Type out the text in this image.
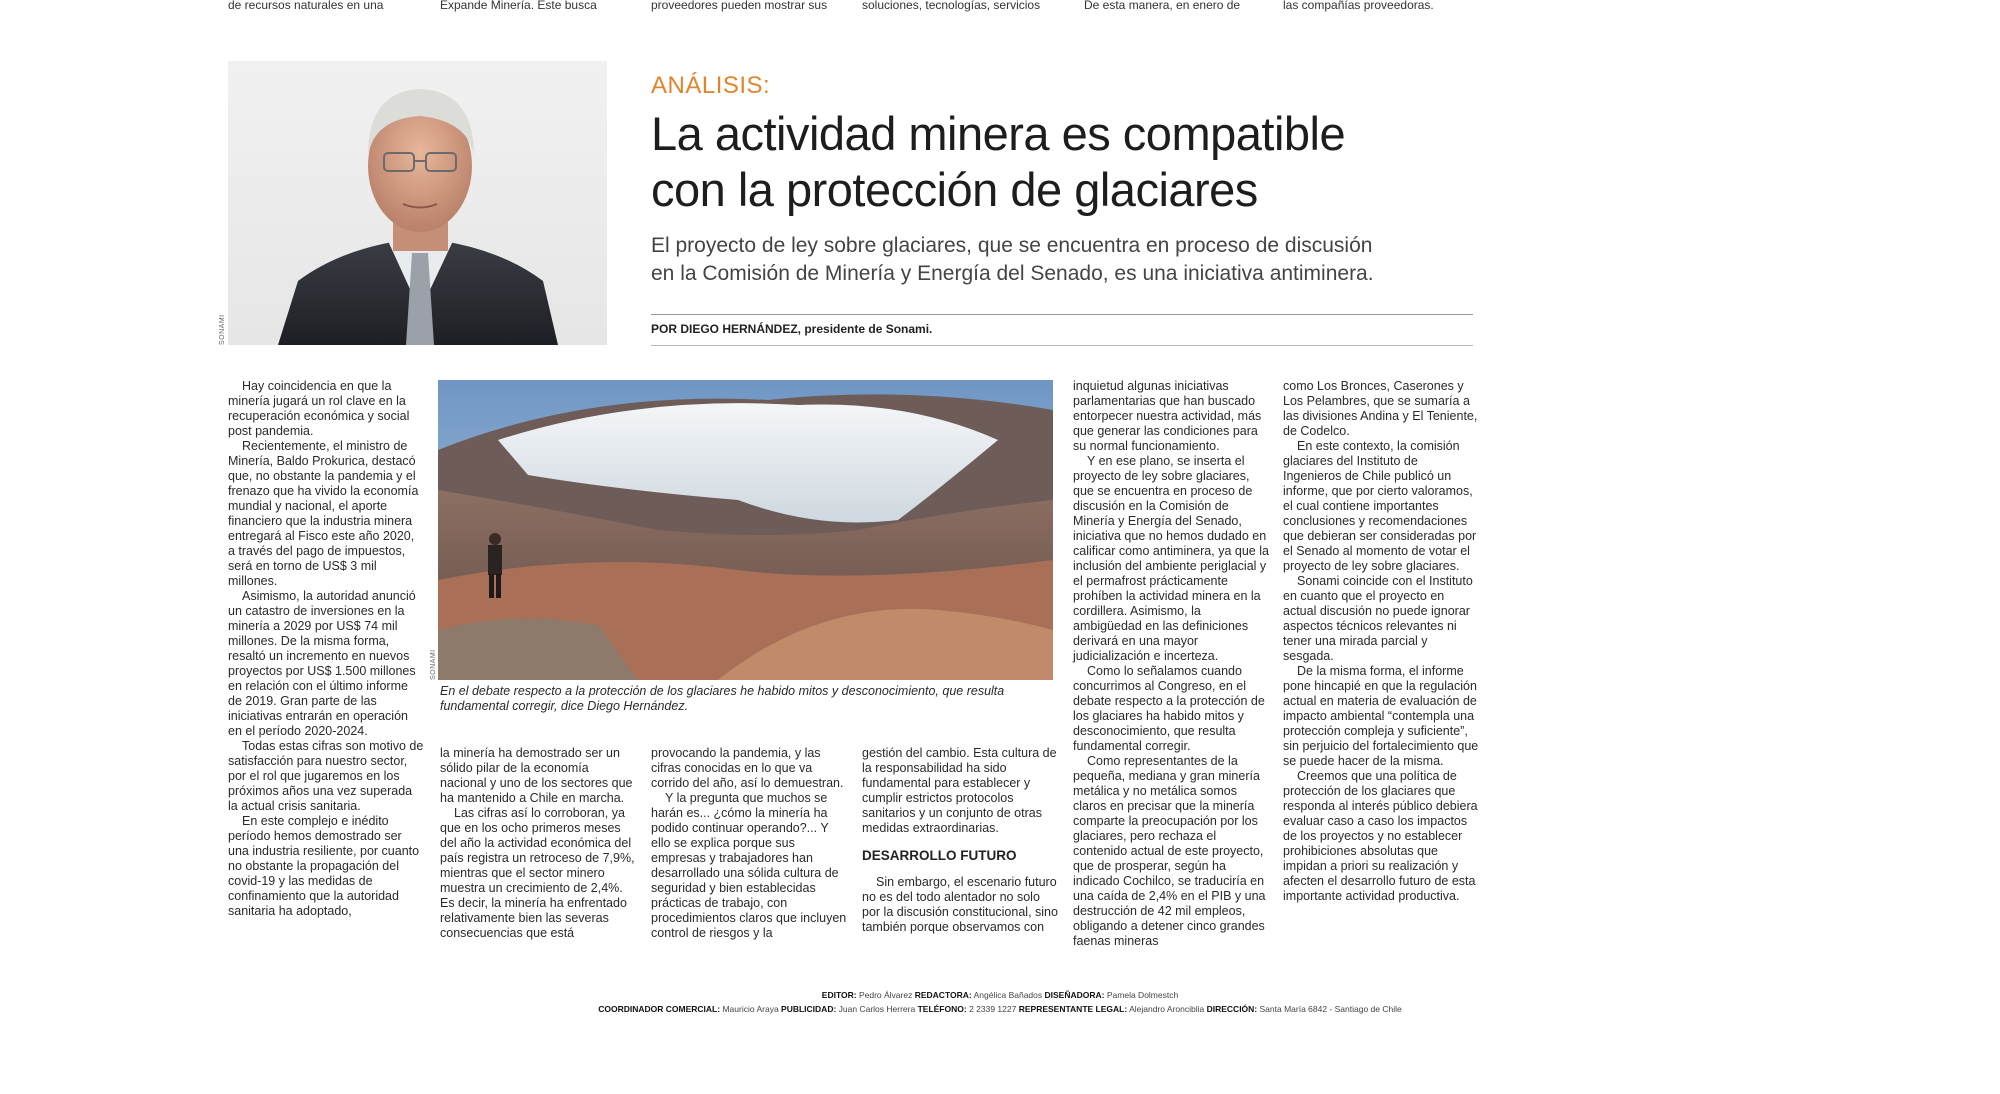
de recursos naturales en una	Expande Minería. Este busca	proveedores pueden mostrar sus	soluciones, tecnologías, servicios	De esta manera, en enero de	las compañías proveedoras.
SONAMI
ANÁLISIS:
La actividad minera es compatible
con la protección de glaciares
El proyecto de ley sobre glaciares, que se encuentra en proceso de discusión
en la Comisión de Minería y Energía del Senado, es una iniciativa antiminera.
POR DIEGO HERNÁNDEZ, presidente de Sonami.

Hay coincidencia en que la minería jugará un rol clave en la recuperación económica y social post pandemia.

Recientemente, el ministro de Minería, Baldo Prokurica, destacó que, no obstante la pandemia y el frenazo que ha vivido la economía mundial y nacional, el aporte financiero que la industria minera entregará al Fisco este año 2020, a través del pago de impuestos, será en torno de US$ 3 mil millones.

Asimismo, la autoridad anunció un catastro de inversiones en la minería a 2029 por US$ 74 mil millones. De la misma forma, resaltó un incremento en nuevos proyectos por US$ 1.500 millones en relación con el último informe de 2019. Gran parte de las iniciativas entrarán en operación en el período 2020-2024.

Todas estas cifras son motivo de satisfacción para nuestro sector, por el rol que jugaremos en los próximos años una vez superada la actual crisis sanitaria.

En este complejo e inédito período hemos demostrado ser una industria resiliente, por cuanto no obstante la propagación del covid-19 y las medidas de confinamiento que la autoridad sanitaria ha adoptado,

SONAMI
En el debate respecto a la protección de los glaciares he habido mitos y desconocimiento, que resulta fundamental corregir, dice Diego Hernández.

la minería ha demostrado ser un sólido pilar de la economía nacional y uno de los sectores que ha mantenido a Chile en marcha.

Las cifras así lo corroboran, ya que en los ocho primeros meses del año la actividad económica del país registra un retroceso de 7,9%, mientras que el sector minero muestra un crecimiento de 2,4%. Es decir, la minería ha enfrentado relativamente bien las severas consecuencias que está

provocando la pandemia, y las cifras conocidas en lo que va corrido del año, así lo demuestran.

Y la pregunta que muchos se harán es... ¿cómo la minería ha podido continuar operando?... Y ello se explica porque sus empresas y trabajadores han desarrollado una sólida cultura de seguridad y bien establecidas prácticas de trabajo, con procedimientos claros que incluyen control de riesgos y la

gestión del cambio. Esta cultura de la responsabilidad ha sido fundamental para establecer y cumplir estrictos protocolos sanitarios y un conjunto de otras medidas extraordinarias.

DESARROLLO FUTURO

Sin embargo, el escenario futuro no es del todo alentador no solo por la discusión constitucional, sino también porque observamos con

inquietud algunas iniciativas parlamentarias que han buscado entorpecer nuestra actividad, más que generar las condiciones para su normal funcionamiento.

Y en ese plano, se inserta el proyecto de ley sobre glaciares, que se encuentra en proceso de discusión en la Comisión de Minería y Energía del Senado, iniciativa que no hemos dudado en calificar como antiminera, ya que la inclusión del ambiente periglacial y el permafrost prácticamente prohíben la actividad minera en la cordillera. Asimismo, la ambigüedad en las definiciones derivará en una mayor judicialización e incerteza.

Como lo señalamos cuando concurrimos al Congreso, en el debate respecto a la protección de los glaciares ha habido mitos y desconocimiento, que resulta fundamental corregir.

Como representantes de la pequeña, mediana y gran minería metálica y no metálica somos claros en precisar que la minería comparte la preocupación por los glaciares, pero rechaza el contenido actual de este proyecto, que de prosperar, según ha indicado Cochilco, se traduciría en una caída de 2,4% en el PIB y una destrucción de 42 mil empleos, obligando a detener cinco grandes faenas mineras

como Los Bronces, Caserones y Los Pelambres, que se sumaría a las divisiones Andina y El Teniente, de Codelco.

En este contexto, la comisión glaciares del Instituto de Ingenieros de Chile publicó un informe, que por cierto valoramos, el cual contiene importantes conclusiones y recomendaciones que debieran ser consideradas por el Senado al momento de votar el proyecto de ley sobre glaciares.

Sonami coincide con el Instituto en cuanto que el proyecto en actual discusión no puede ignorar aspectos técnicos relevantes ni tener una mirada parcial y sesgada.

De la misma forma, el informe pone hincapié en que la regulación actual en materia de evaluación de impacto ambiental “contempla una protección compleja y suficiente”, sin perjuicio del fortalecimiento que se puede hacer de la misma.

Creemos que una política de protección de los glaciares que responda al interés público debiera evaluar caso a caso los impactos de los proyectos y no establecer prohibiciones absolutas que impidan a priori su realización y afecten el desarrollo futuro de esta importante actividad productiva.

EDITOR: Pedro Álvarez REDACTORA: Angélica Bañados DISEÑADORA: Pamela Dolmestch
COORDINADOR COMERCIAL: Mauricio Araya PUBLICIDAD: Juan Carlos Herrera TELÉFONO: 2 2339 1227 REPRESENTANTE LEGAL: Alejandro Aronciblia DIRECCIÓN: Santa María 6842 - Santiago de Chile
